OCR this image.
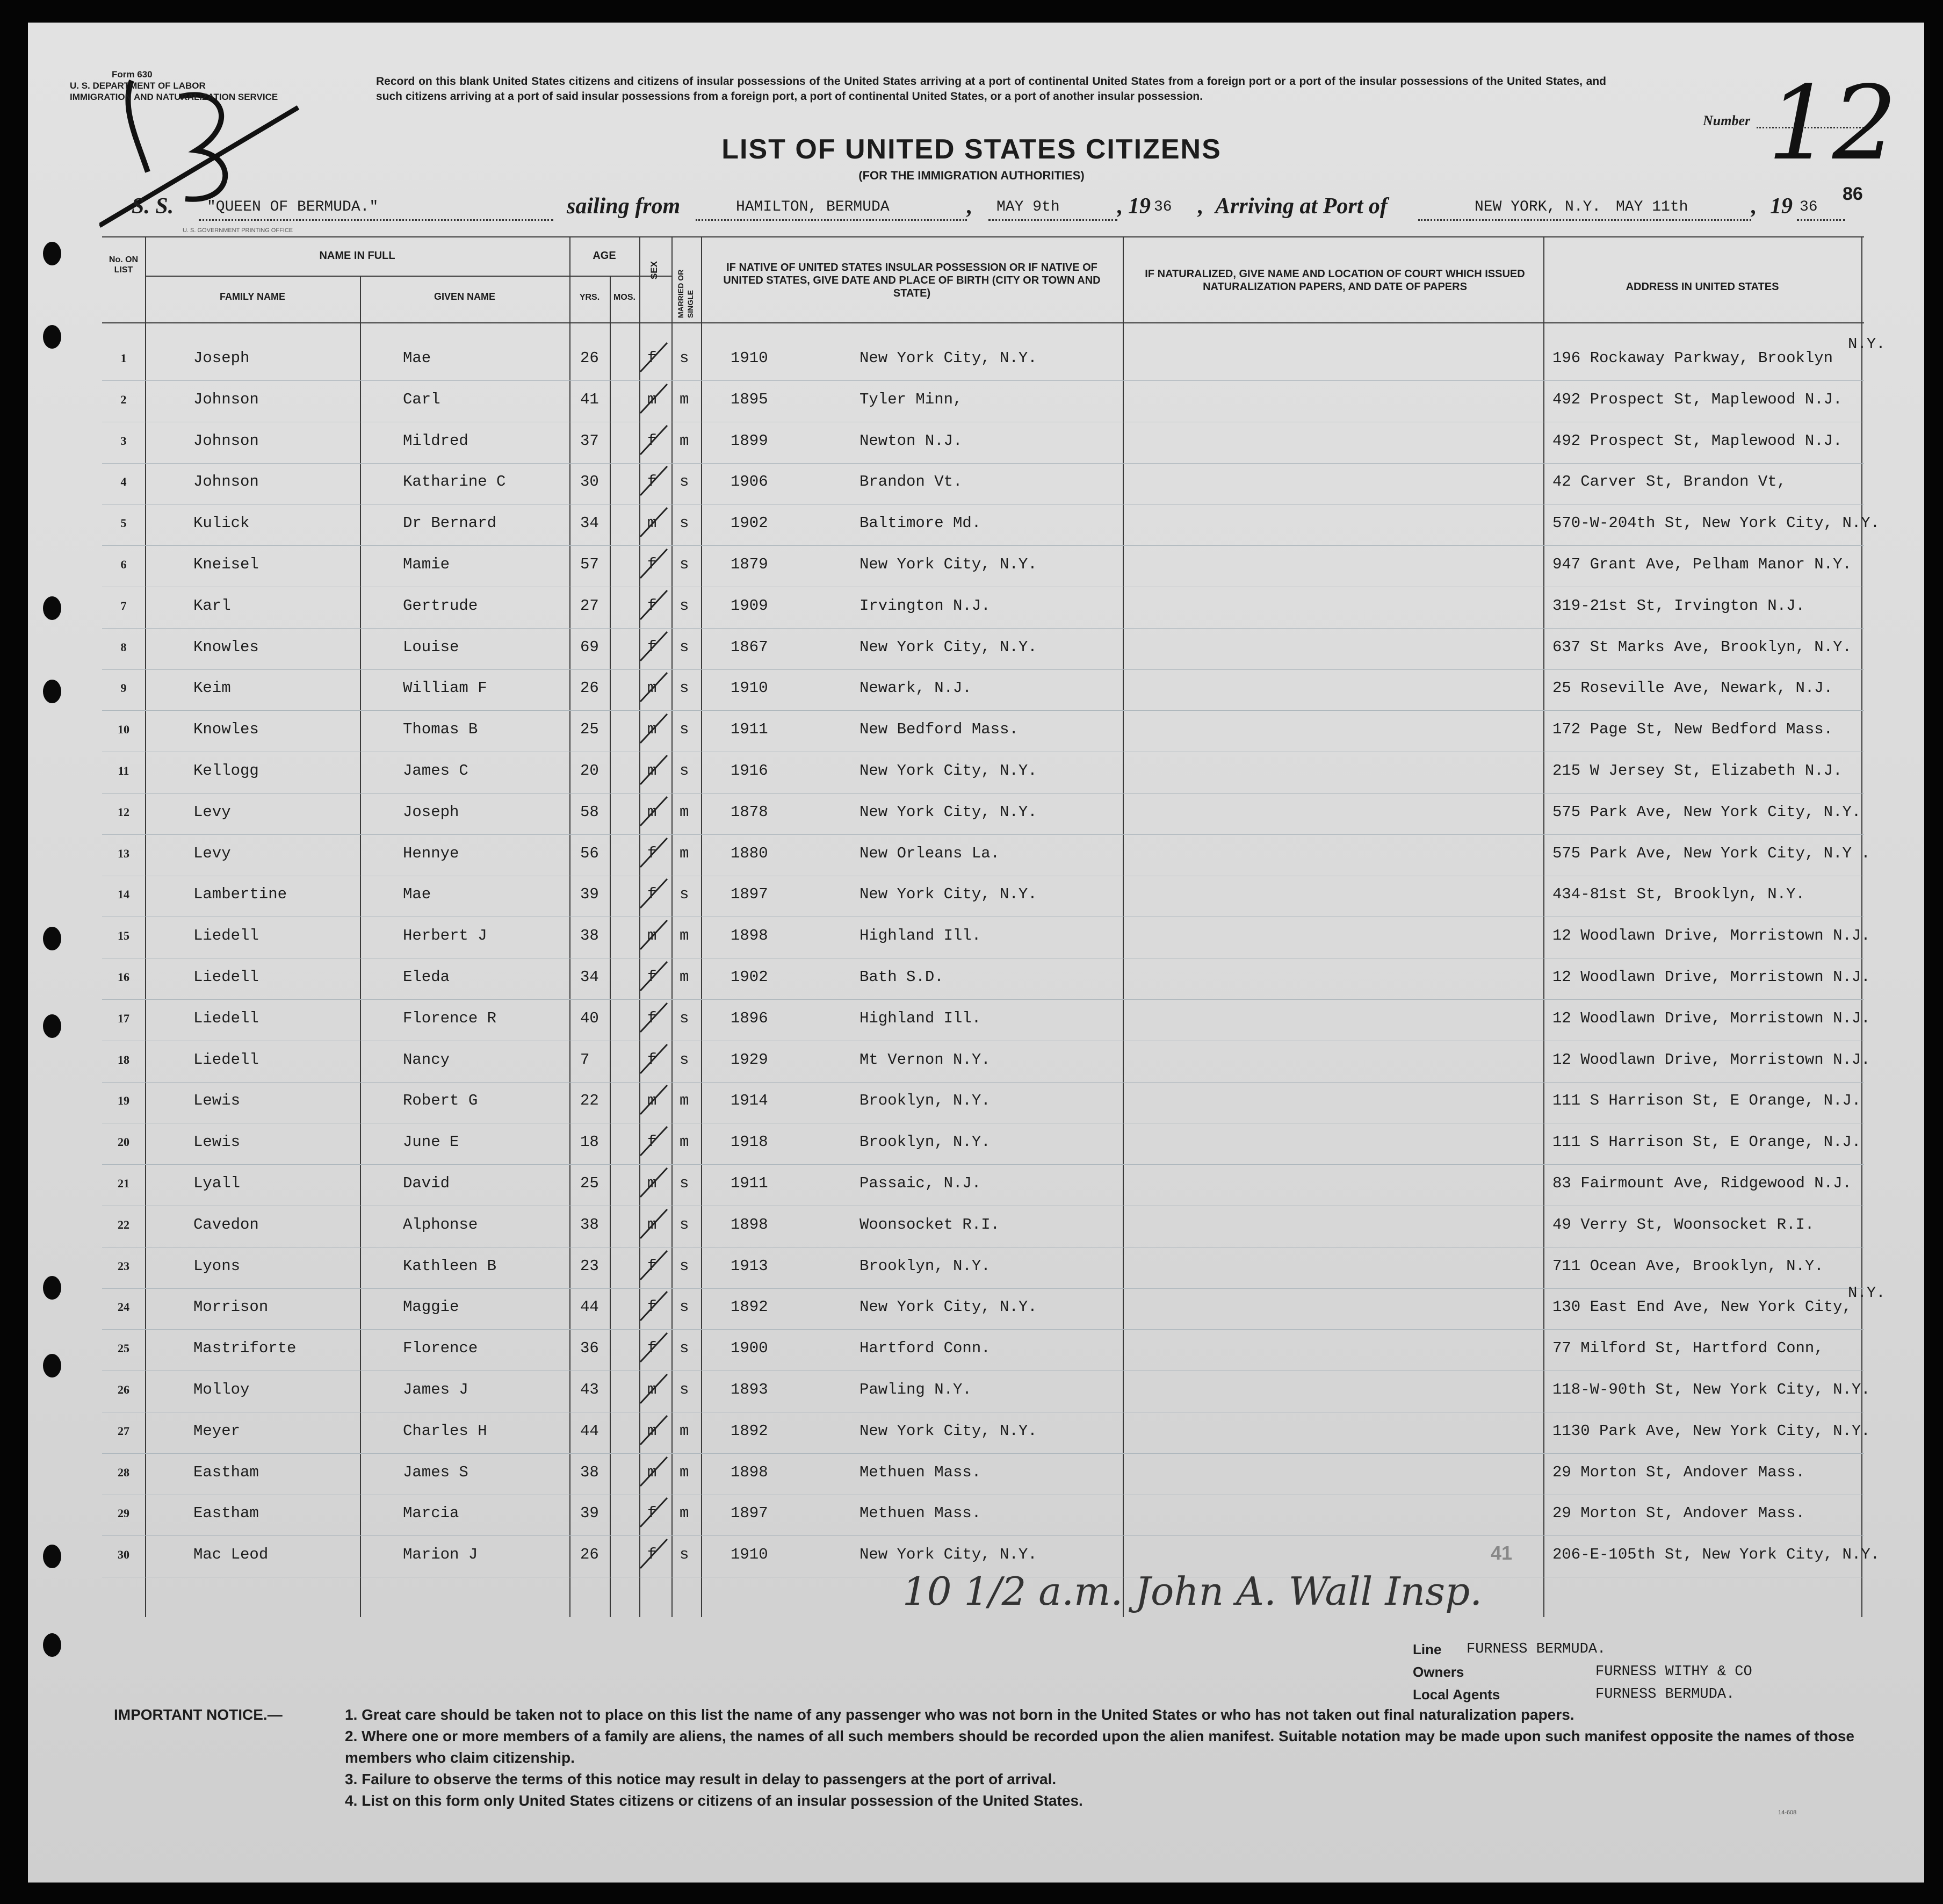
Form 630
U. S. DEPARTMENT OF LABOR
IMMIGRATION AND NATURALIZATION SERVICE
Record on this blank United States citizens and citizens of insular possessions of the United States arriving at a port of continental United States from a foreign port or a port of the insular possessions of the United States, and such citizens arriving at a port of said insular possessions from a foreign port, a port of continental United States, or a port of another insular possession.
LIST OF UNITED STATES CITIZENS
(FOR THE IMMIGRATION AUTHORITIES)
Number 12
86
S. S. "QUEEN OF BERMUDA."	sailing from	HAMILTON, BERMUDA	, MAY 9th	, 19 36 , Arriving at Port of	NEW YORK, N.Y. MAY 11th	, 19 36
U. S. GOVERNMENT PRINTING OFFICE
No. ON LIST
NAME IN FULL
FAMILY NAME	GIVEN NAME
AGE
YRS.	MOS.
SEX MARRIED OR SINGLE
IF NATIVE OF UNITED STATES INSULAR POSSESSION OR IF NATIVE OF UNITED STATES, GIVE DATE AND PLACE OF BIRTH (CITY OR TOWN AND STATE)
IF NATURALIZED, GIVE NAME AND LOCATION OF COURT WHICH ISSUED NATURALIZATION PAPERS, AND DATE OF PAPERS	ADDRESS IN UNITED STATES
1	Joseph	Mae	26	f s	1910	New York City, N.Y.	196 Rockaway Parkway, Brooklyn
N.Y.
2	Johnson	Carl	41	m m	1895	Tyler Minn,	492 Prospect St, Maplewood N.J.
3	Johnson	Mildred	37	f m	1899	Newton N.J.	492 Prospect St, Maplewood N.J.
4	Johnson	Katharine C	30	f s	1906	Brandon Vt.	42 Carver St, Brandon Vt,
5	Kulick	Dr Bernard	34	m s	1902	Baltimore Md.	570-W-204th St, New York City, N.Y.
6	Kneisel	Mamie	57	f s	1879	New York City, N.Y.	947 Grant Ave, Pelham Manor N.Y.
7	Karl	Gertrude	27	f s	1909	Irvington N.J.	319-21st St, Irvington N.J.
8	Knowles	Louise	69	f s	1867	New York City, N.Y.	637 St Marks Ave, Brooklyn, N.Y.
9	Keim	William F	26	m s	1910	Newark, N.J.	25 Roseville Ave, Newark, N.J.
10	Knowles	Thomas B	25	m s	1911	New Bedford Mass.	172 Page St, New Bedford Mass.
11	Kellogg	James C	20	m s	1916	New York City, N.Y.	215 W Jersey St, Elizabeth N.J.
12	Levy	Joseph	58	m m	1878	New York City, N.Y.	575 Park Ave, New York City, N.Y.
13	Levy	Hennye	56	f m	1880	New Orleans La.	575 Park Ave, New York City, N.Y .
14	Lambertine	Mae	39	f s	1897	New York City, N.Y.	434-81st St, Brooklyn, N.Y.
15	Liedell	Herbert J	38	m m	1898	Highland Ill.	12 Woodlawn Drive, Morristown N.J.
16	Liedell	Eleda	34	f m	1902	Bath S.D.	12 Woodlawn Drive, Morristown N.J.
17	Liedell	Florence R	40	f s	1896	Highland Ill.	12 Woodlawn Drive, Morristown N.J.
18	Liedell	Nancy	7	f s	1929	Mt Vernon N.Y.	12 Woodlawn Drive, Morristown N.J.
19	Lewis	Robert G	22	m m	1914	Brooklyn, N.Y.	111 S Harrison St, E Orange, N.J.
20	Lewis	June E	18	f m	1918	Brooklyn, N.Y.	111 S Harrison St, E Orange, N.J.
21	Lyall	David	25	m s	1911	Passaic, N.J.	83 Fairmount Ave, Ridgewood N.J.
22	Cavedon	Alphonse	38	m s	1898	Woonsocket R.I.	49 Verry St, Woonsocket R.I.
23	Lyons	Kathleen B	23	f s	1913	Brooklyn, N.Y.	711 Ocean Ave, Brooklyn, N.Y.
24	Morrison	Maggie	44	f s	1892	New York City, N.Y.	130 East End Ave, New York City,
N.Y.
25	Mastriforte	Florence	36	f s	1900	Hartford Conn.	77 Milford St, Hartford Conn,
26	Molloy	James J	43	m s	1893	Pawling N.Y.	118-W-90th St, New York City, N.Y.
27	Meyer	Charles H	44	m m	1892	New York City, N.Y.	1130 Park Ave, New York City, N.Y.
28	Eastham	James S	38	m m	1898	Methuen Mass.	29 Morton St, Andover Mass.
29	Eastham	Marcia	39	f m	1897	Methuen Mass.	29 Morton St, Andover Mass.
30	Mac Leod	Marion J	26	f s	1910	New York City, N.Y.	206-E-105th St, New York City, N.Y.
10 1/2 a.m. John A. Wall Insp.
41
Line FURNESS BERMUDA.
Owners	FURNESS WITHY & CO
Local Agents	FURNESS BERMUDA.
IMPORTANT NOTICE.—	1. Great care should be taken not to place on this list the name of any passenger who was not born in the United States or who has not taken out final naturalization papers.
2. Where one or more members of a family are aliens, the names of all such members should be recorded upon the alien manifest. Suitable notation may be made upon such manifest opposite the names of those members who claim citizenship.
3. Failure to observe the terms of this notice may result in delay to passengers at the port of arrival.
4. List on this form only United States citizens or citizens of an insular possession of the United States.
14-608
